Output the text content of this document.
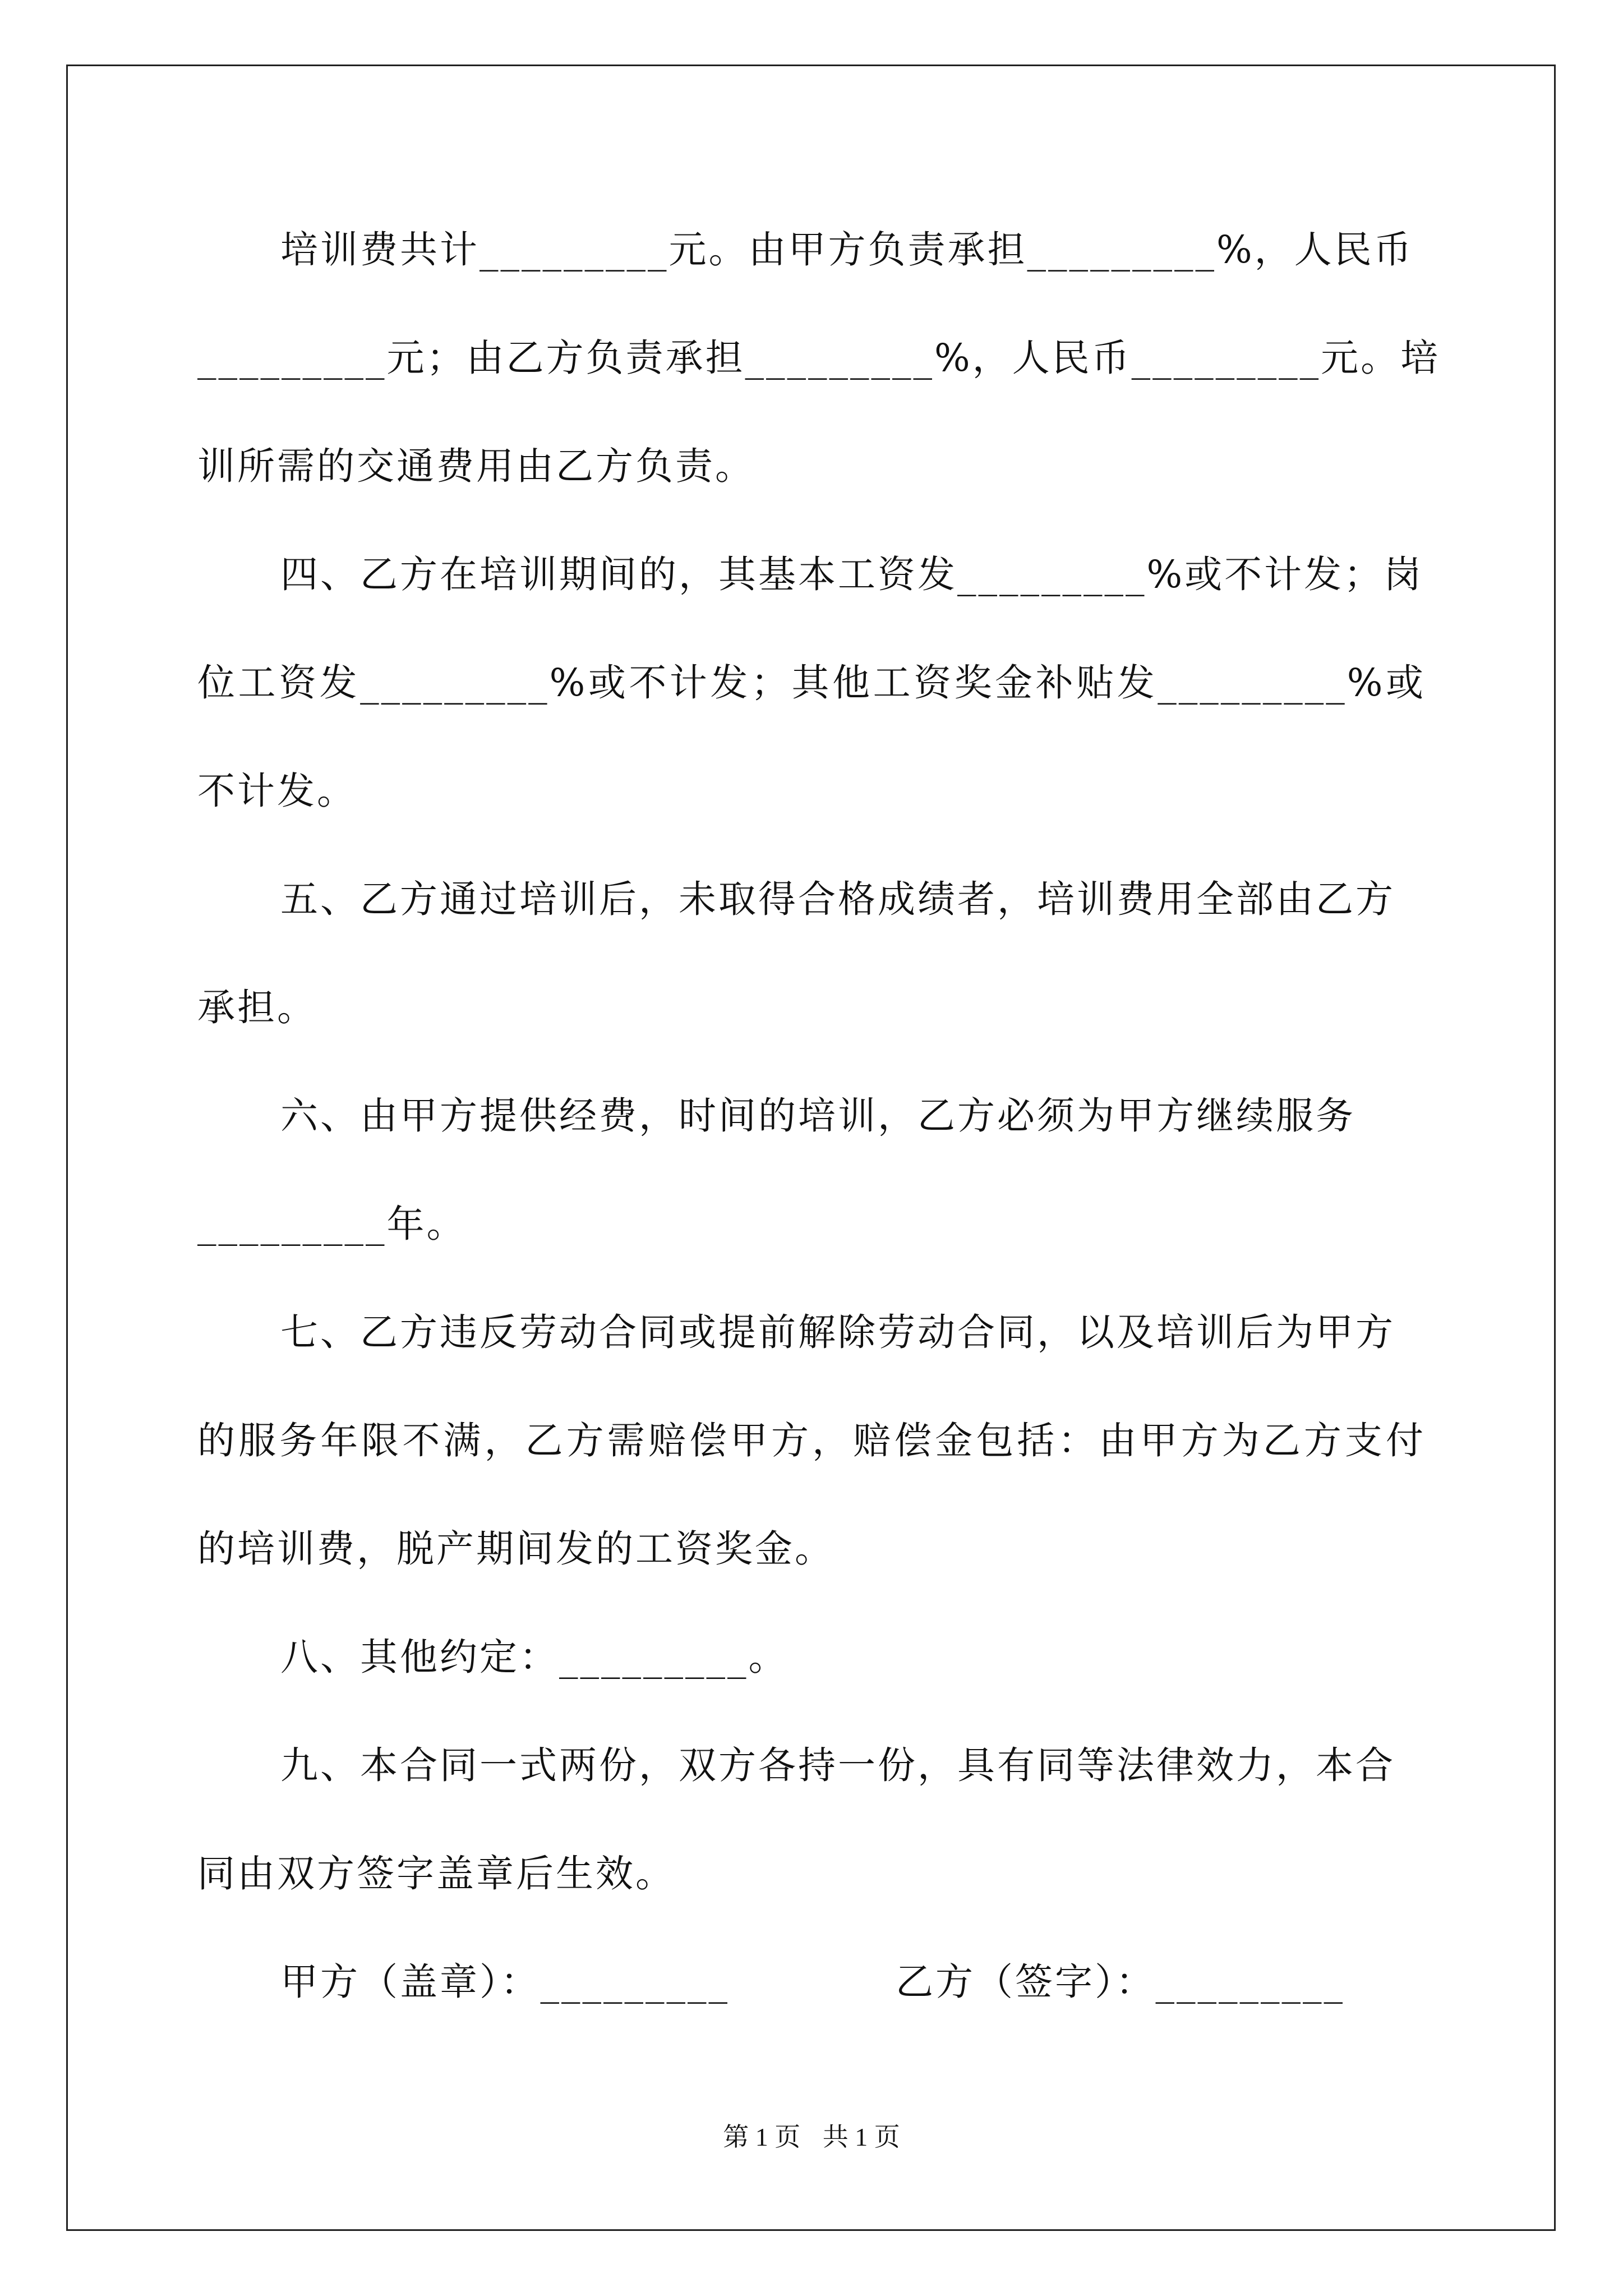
培训费共计_________元。由甲方负责承担_________%，人民币
_________元；由乙方负责承担_________%，人民币_________元。培
训所需的交通费用由乙方负责。
四、乙方在培训期间的，其基本工资发_________%或不计发；岗
位工资发_________%或不计发；其他工资奖金补贴发_________%或
不计发。
五、乙方通过培训后，未取得合格成绩者，培训费用全部由乙方
承担。
六、由甲方提供经费，时间的培训，乙方必须为甲方继续服务
_________年。
七、乙方违反劳动合同或提前解除劳动合同，以及培训后为甲方
的服务年限不满，乙方需赔偿甲方，赔偿金包括：由甲方为乙方支付
的培训费，脱产期间发的工资奖金。
八、其他约定：_________。
九、本合同一式两份，双方各持一份，具有同等法律效力，本合
同由双方签字盖章后生效。
甲方（盖章）：_________	乙方（签字）：_________
第 1 页 共 1 页
